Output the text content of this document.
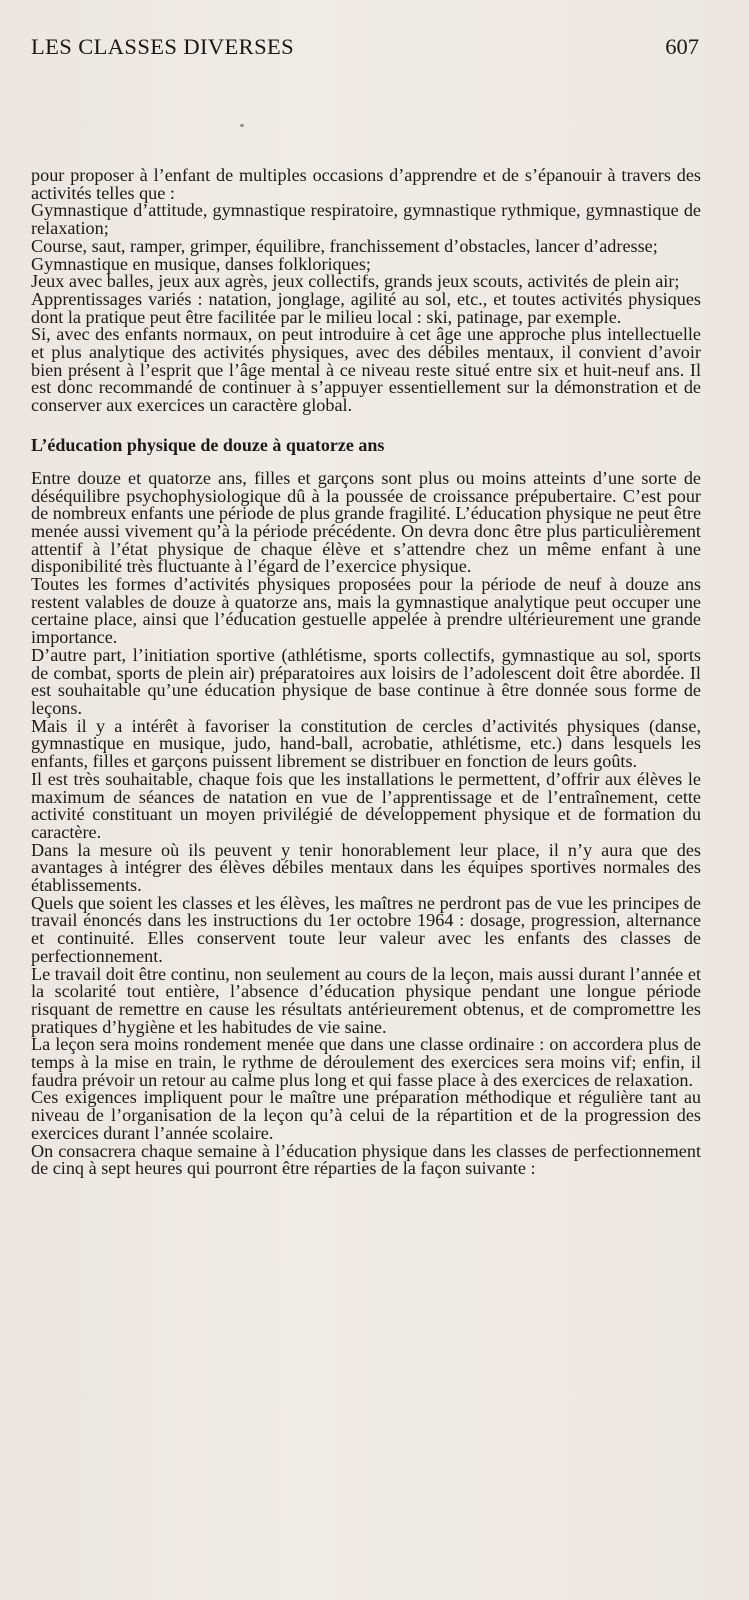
LES CLASSES DIVERSES	607

pour proposer à l’enfant de multiples occasions d’apprendre et de s’épanouir à travers des activités telles que :

Gymnastique d’attitude, gymnastique respiratoire, gymnastique rythmique, gymnastique de relaxation;

Course, saut, ramper, grimper, équilibre, franchissement d’obstacles, lancer d’adresse;

Gymnastique en musique, danses folkloriques;

Jeux avec balles, jeux aux agrès, jeux collectifs, grands jeux scouts, activités de plein air;

Apprentissages variés : natation, jonglage, agilité au sol, etc., et toutes activités physiques dont la pratique peut être facilitée par le milieu local : ski, patinage, par exemple.

Si, avec des enfants normaux, on peut introduire à cet âge une approche plus intellectuelle et plus analytique des activités physiques, avec des débiles mentaux, il convient d’avoir bien présent à l’esprit que l’âge mental à ce niveau reste situé entre six et huit-neuf ans. Il est donc recommandé de continuer à s’appuyer essentiellement sur la démonstration et de conserver aux exercices un caractère global.

L’éducation physique de douze à quatorze ans

Entre douze et quatorze ans, filles et garçons sont plus ou moins atteints d’une sorte de déséquilibre psychophysiologique dû à la poussée de croissance prépubertaire. C’est pour de nombreux enfants une période de plus grande fragilité. L’éducation physique ne peut être menée aussi vivement qu’à la période précédente. On devra donc être plus particulièrement attentif à l’état physique de chaque élève et s’attendre chez un même enfant à une disponibilité très fluctuante à l’égard de l’exercice physique.

Toutes les formes d’activités physiques proposées pour la période de neuf à douze ans restent valables de douze à quatorze ans, mais la gymnastique analytique peut occuper une certaine place, ainsi que l’éducation gestuelle appelée à prendre ultérieurement une grande importance.

D’autre part, l’initiation sportive (athlétisme, sports collectifs, gymnastique au sol, sports de combat, sports de plein air) préparatoires aux loisirs de l’adolescent doit être abordée. Il est souhaitable qu’une éducation physique de base continue à être donnée sous forme de leçons.

Mais il y a intérêt à favoriser la constitution de cercles d’activités physiques (danse, gymnastique en musique, judo, hand-ball, acrobatie, athlétisme, etc.) dans lesquels les enfants, filles et garçons puissent librement se distribuer en fonction de leurs goûts.

Il est très souhaitable, chaque fois que les installations le permettent, d’offrir aux élèves le maximum de séances de natation en vue de l’apprentissage et de l’entraînement, cette activité constituant un moyen privilégié de développement physique et de formation du caractère.

Dans la mesure où ils peuvent y tenir honorablement leur place, il n’y aura que des avantages à intégrer des élèves débiles mentaux dans les équipes sportives normales des établissements.

Quels que soient les classes et les élèves, les maîtres ne perdront pas de vue les principes de travail énoncés dans les instructions du 1er octobre 1964 : dosage, progression, alternance et continuité. Elles conservent toute leur valeur avec les enfants des classes de perfectionnement.

Le travail doit être continu, non seulement au cours de la leçon, mais aussi durant l’année et la scolarité tout entière, l’absence d’éducation physique pendant une longue période risquant de remettre en cause les résultats antérieurement obtenus, et de compromettre les pratiques d’hygiène et les habitudes de vie saine.

La leçon sera moins rondement menée que dans une classe ordinaire : on accordera plus de temps à la mise en train, le rythme de déroulement des exercices sera moins vif; enfin, il faudra prévoir un retour au calme plus long et qui fasse place à des exercices de relaxation.

Ces exigences impliquent pour le maître une préparation méthodique et régulière tant au niveau de l’organisation de la leçon qu’à celui de la répartition et de la progression des exercices durant l’année scolaire.

On consacrera chaque semaine à l’éducation physique dans les classes de perfectionnement de cinq à sept heures qui pourront être réparties de la façon suivante :
